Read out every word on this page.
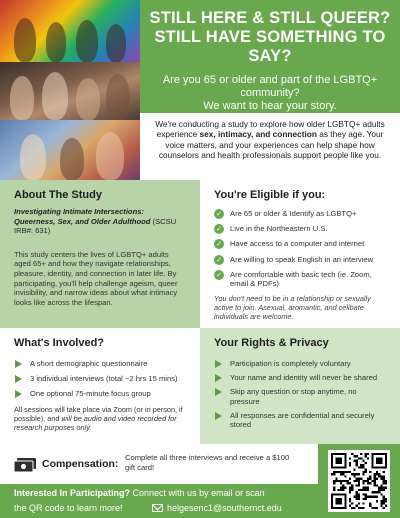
STILL HERE & STILL QUEER?
STILL HAVE SOMETHING TO SAY?

Are you 65 or older and part of the LGBTQ+
community?
We want to hear your story.

We're conducting a study to explore how older LGBTQ+ adults experience sex, intimacy, and connection as they age. Your voice matters, and your experiences can help shape how counselors and health professionals support people like you.
About The Study
Investigating Intimate Intersections: Queerness, Sex, and Older Adulthood (SCSU IRB#: 631)
This study centers the lives of LGBTQ+ adults aged 65+ and how they navigate relationships, pleasure, identity, and connection in later life. By participating, you'll help challenge ageism, queer invisibility, and narrow ideas about what intimacy looks like across the lifespan.
You're Eligible if you:
✓ Are 65 or older & Identify as LGBTQ+
✓ Live in the Northeastern U.S.
✓ Have access to a computer and internet
✓ Are willing to speak English in an interview
✓ Are comfortable with basic tech (ie. Zoom, email & PDFs)
You don't need to be in a relationship or sexually active to join. Asexual, aromantic, and celibate individuals are welcome.
What's Involved?
A short demographic questionnaire
3 individual interviews (total ~2 hrs 15 mins)
One optional 75-minute focus group
All sessions will take place via Zoom (or in person, if possible), and will be audio and video recorded for research purposes only.
Your Rights & Privacy
Participation is completely voluntary
Your name and identity will never be shared
Skip any question or stop anytime, no pressure
All responses are confidential and securely stored
Compensation:
Complete all three interviews and receive a $100 gift card!
Interested In Participating? Connect with us by email or scan
the QR code to learn more!	helgesenc1@southernct.edu
